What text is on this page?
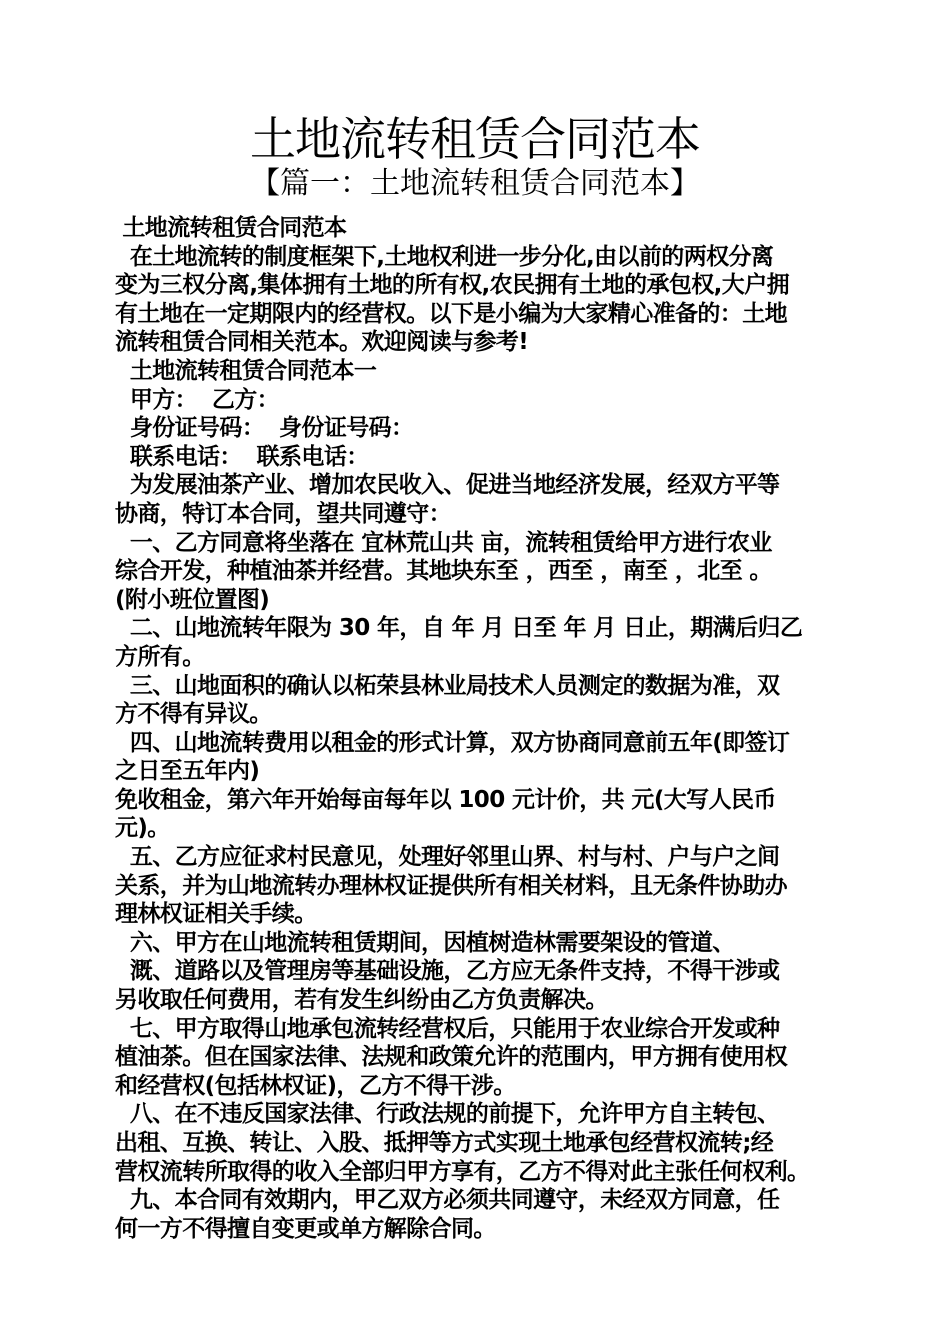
土地流转租赁合同范本
【篇一：土地流转租赁合同范本】

土地流转租赁合同范本

在土地流转的制度框架下,土地权利进一步分化,由以前的两权分离

变为三权分离,集体拥有土地的所有权,农民拥有土地的承包权,大户拥

有土地在一定期限内的经营权。以下是小编为大家精心准备的：土地

流转租赁合同相关范本。欢迎阅读与参考!

土地流转租赁合同范本一

甲方：  乙方：

身份证号码：  身份证号码：

联系电话：  联系电话：

为发展油茶产业、增加农民收入、促进当地经济发展，经双方平等

协商，特订本合同，望共同遵守：

一、乙方同意将坐落在 宜林荒山共 亩，流转租赁给甲方进行农业

综合开发，种植油茶并经营。其地块东至 ，西至 ，南至 ，北至 。

(附小班位置图)

二、山地流转年限为 30 年，自 年 月 日至 年 月 日止，期满后归乙

方所有。

三、山地面积的确认以柘荣县林业局技术人员测定的数据为准，双

方不得有异议。

四、山地流转费用以租金的形式计算，双方协商同意前五年(即签订

之日至五年内)

免收租金，第六年开始每亩每年以 100 元计价，共 元(大写人民币

元)。

五、乙方应征求村民意见，处理好邻里山界、村与村、户与户之间

关系，并为山地流转办理林权证提供所有相关材料，且无条件协助办

理林权证相关手续。

六、甲方在山地流转租赁期间，因植树造林需要架设的管道、

溉、道路以及管理房等基础设施，乙方应无条件支持，不得干涉或

另收取任何费用，若有发生纠纷由乙方负责解决。

七、甲方取得山地承包流转经营权后，只能用于农业综合开发或种

植油茶。但在国家法律、法规和政策允许的范围内，甲方拥有使用权

和经营权(包括林权证)，乙方不得干涉。

八、在不违反国家法律、行政法规的前提下，允许甲方自主转包、

出租、互换、转让、入股、抵押等方式实现土地承包经营权流转;经

营权流转所取得的收入全部归甲方享有，乙方不得对此主张任何权利。

九、本合同有效期内，甲乙双方必须共同遵守，未经双方同意，任

何一方不得擅自变更或单方解除合同。
